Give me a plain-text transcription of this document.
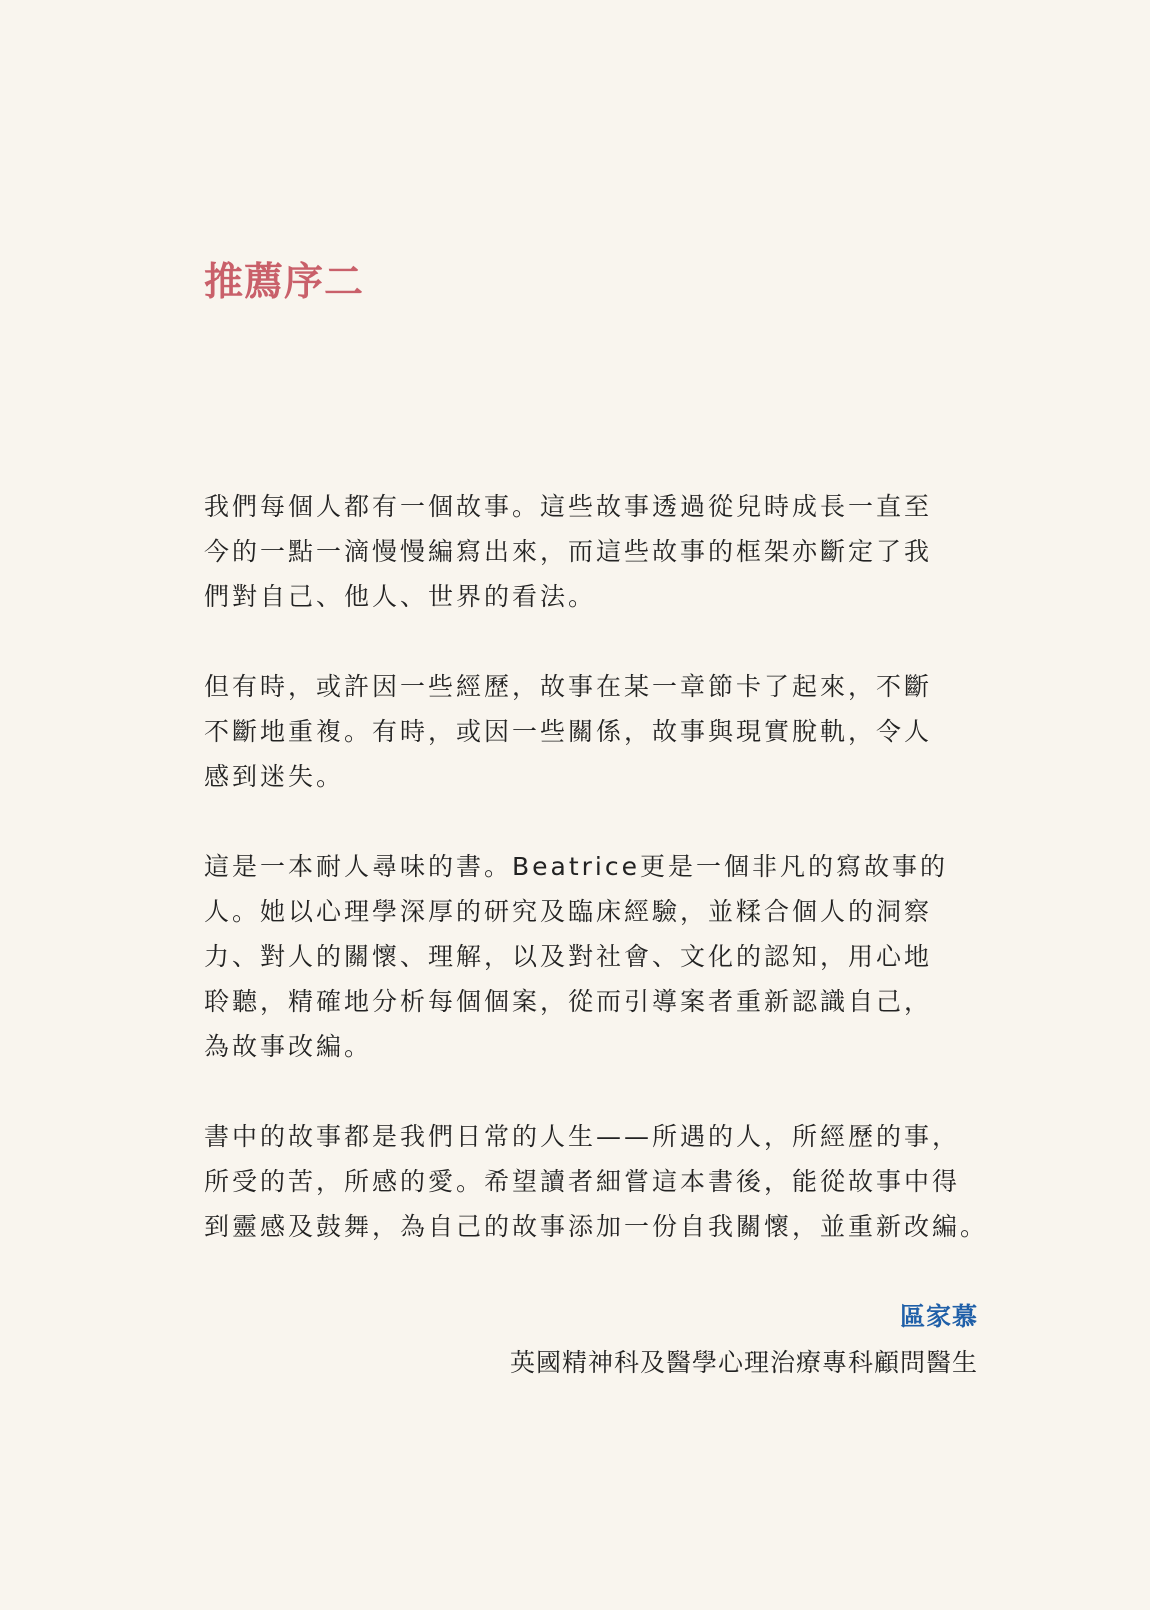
推薦序二

我們每個人都有一個故事。這些故事透過從兒時成長一直至
今的一點一滴慢慢編寫出來，而這些故事的框架亦斷定了我
們對自己、他人、世界的看法。

但有時，或許因一些經歷，故事在某一章節卡了起來，不斷
不斷地重複。有時，或因一些關係，故事與現實脫軌，令人
感到迷失。

這是一本耐人尋味的書。Beatrice更是一個非凡的寫故事的
人。她以心理學深厚的研究及臨床經驗，並糅合個人的洞察
力、對人的關懷、理解，以及對社會、文化的認知，用心地
聆聽，精確地分析每個個案，從而引導案者重新認識自己，
為故事改編。

書中的故事都是我們日常的人生——所遇的人，所經歷的事，
所受的苦，所感的愛。希望讀者細嘗這本書後，能從故事中得
到靈感及鼓舞，為自己的故事添加一份自我關懷，並重新改編。

區家慕
英國精神科及醫學心理治療專科顧問醫生
